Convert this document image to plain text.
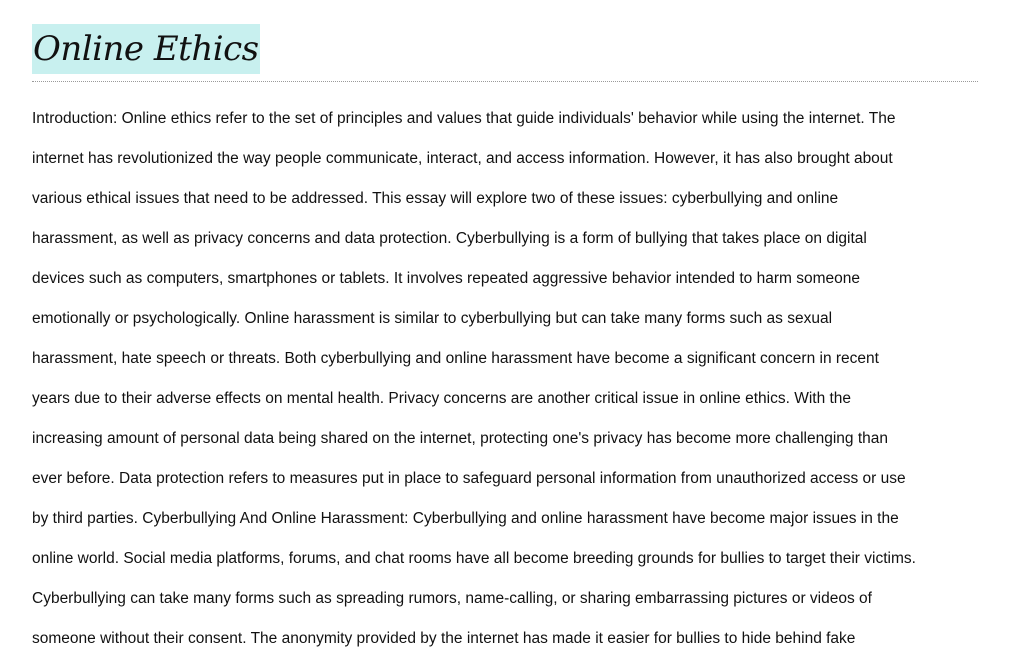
Online Ethics

Introduction: Online ethics refer to the set of principles and values that guide individuals' behavior while using the internet. The
internet has revolutionized the way people communicate, interact, and access information. However, it has also brought about
various ethical issues that need to be addressed. This essay will explore two of these issues: cyberbullying and online
harassment, as well as privacy concerns and data protection. Cyberbullying is a form of bullying that takes place on digital
devices such as computers, smartphones or tablets. It involves repeated aggressive behavior intended to harm someone
emotionally or psychologically. Online harassment is similar to cyberbullying but can take many forms such as sexual
harassment, hate speech or threats. Both cyberbullying and online harassment have become a significant concern in recent
years due to their adverse effects on mental health. Privacy concerns are another critical issue in online ethics. With the
increasing amount of personal data being shared on the internet, protecting one's privacy has become more challenging than
ever before. Data protection refers to measures put in place to safeguard personal information from unauthorized access or use
by third parties. Cyberbullying And Online Harassment: Cyberbullying and online harassment have become major issues in the
online world. Social media platforms, forums, and chat rooms have all become breeding grounds for bullies to target their victims.
Cyberbullying can take many forms such as spreading rumors, name-calling, or sharing embarrassing pictures or videos of
someone without their consent. The anonymity provided by the internet has made it easier for bullies to hide behind fake
